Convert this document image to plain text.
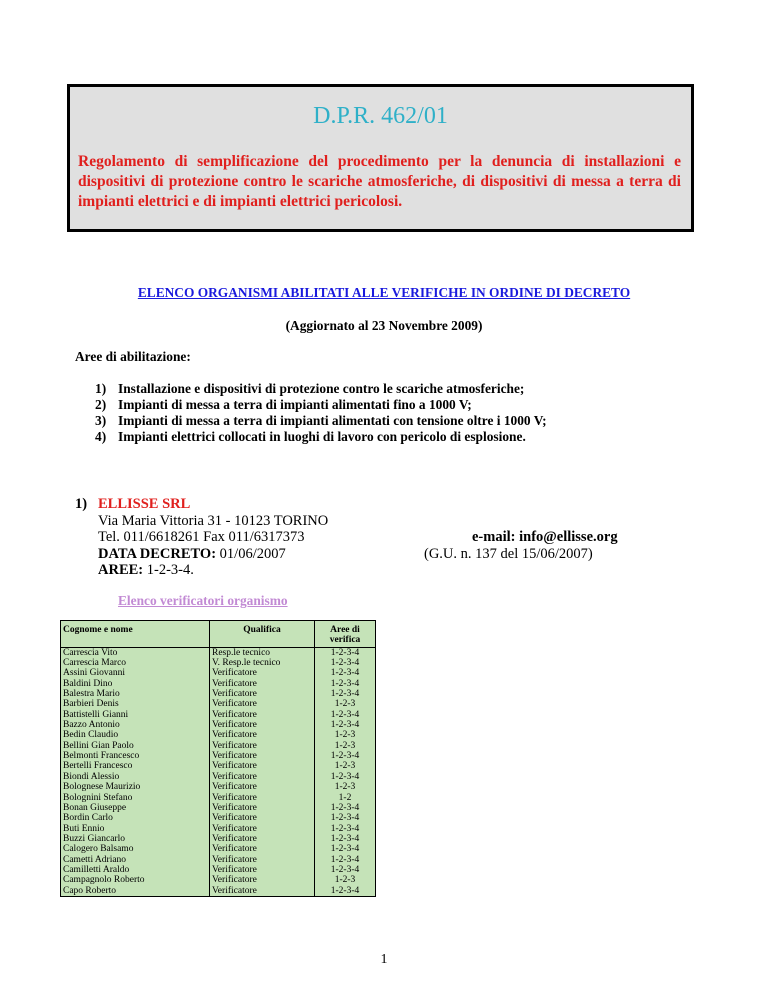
D.P.R. 462/01
Regolamento di semplificazione del procedimento per la denuncia di installazioni e dispositivi di protezione contro le scariche atmosferiche, di dispositivi di messa a terra di impianti elettrici e di impianti elettrici pericolosi.
ELENCO ORGANISMI ABILITATI ALLE VERIFICHE IN ORDINE DI DECRETO
(Aggiornato al 23 Novembre 2009)
Aree di abilitazione:
1) Installazione e dispositivi di protezione contro le scariche atmosferiche;
2) Impianti di messa a terra di impianti alimentati fino a 1000 V;
3) Impianti di messa a terra di impianti alimentati con tensione oltre i 1000 V;
4) Impianti elettrici collocati in luoghi di lavoro con pericolo di esplosione.
1) ELLISSE SRL
Via Maria Vittoria 31 - 10123 TORINO
Tel. 011/6618261 Fax 011/6317373	e-mail: info@ellisse.org
DATA DECRETO: 01/06/2007	(G.U. n. 137 del 15/06/2007)
AREE: 1-2-3-4.
Elenco verificatori organismo
Cognome e nome	Qualifica	Aree di
verifica
Carrescia Vito	Resp.le tecnico	1-2-3-4
Carrescia Marco	V. Resp.le tecnico	1-2-3-4
Assini Giovanni	Verificatore	1-2-3-4
Baldini Dino	Verificatore	1-2-3-4
Balestra Mario	Verificatore	1-2-3-4
Barbieri Denis	Verificatore	1-2-3
Battistelli Gianni	Verificatore	1-2-3-4
Bazzo Antonio	Verificatore	1-2-3-4
Bedin Claudio	Verificatore	1-2-3
Bellini Gian Paolo	Verificatore	1-2-3
Belmonti Francesco	Verificatore	1-2-3-4
Bertelli Francesco	Verificatore	1-2-3
Biondi Alessio	Verificatore	1-2-3-4
Bolognese Maurizio	Verificatore	1-2-3
Bolognini Stefano	Verificatore	1-2
Bonan Giuseppe	Verificatore	1-2-3-4
Bordin Carlo	Verificatore	1-2-3-4
Buti Ennio	Verificatore	1-2-3-4
Buzzi Giancarlo	Verificatore	1-2-3-4
Calogero Balsamo	Verificatore	1-2-3-4
Cametti Adriano	Verificatore	1-2-3-4
Camilletti Araldo	Verificatore	1-2-3-4
Campagnolo Roberto	Verificatore	1-2-3
Capo Roberto	Verificatore	1-2-3-4
1
